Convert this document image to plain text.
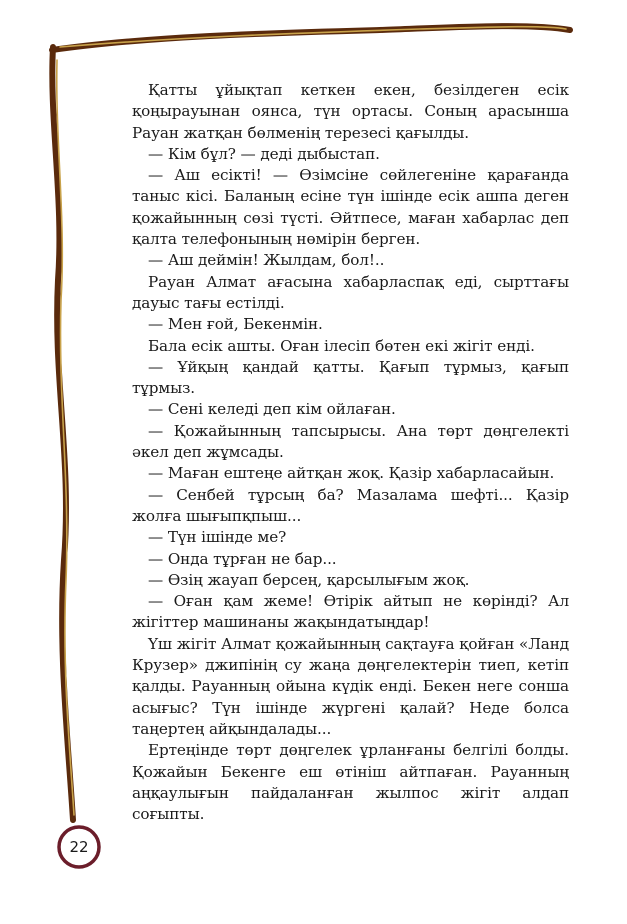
Қатты ұйықтап кеткен екен, безілдеген есік қоңырауынан оянса, түн ортасы. Соның арасынша Рауан жатқан бөлменің терезесі қағылды.

— Кім бұл? — деді дыбыстап.

— Аш есікті! — Өзімсіне сөйлегеніне қарағанда таныс кісі. Баланың есіне түн ішінде есік ашпа деген қожайынның сөзі түсті. Әйтпесе, маған хабарлас деп қалта телефонының нөмірін берген.

— Аш деймін! Жылдам, бол!..

Рауан Алмат ағасына хабарласпақ еді, сырттағы дауыс тағы естілді.

— Мен ғой, Бекенмін.

Бала есік ашты. Оған ілесіп бөтен екі жігіт енді.

— Ұйқың қандай қатты. Қағып тұрмыз, қағып тұрмыз.

— Сені келеді деп кім ойлаған.

— Қожайынның тапсырысы. Ана төрт дөңгелекті әкел деп жұмсады.

— Маған ештеңе айтқан жоқ. Қазір хабарласайын.

— Сенбей тұрсың ба? Мазалама шефті... Қазір жолға шығыпқпыш...

— Түн ішінде ме?

— Онда тұрған не бар...

— Өзің жауап берсең, қарсылығым жоқ.

— Оған қам жеме! Өтірік айтып не көрінді? Ал жігіттер машинаны жақындатыңдар!

Үш жігіт Алмат қожайынның сақтауға қойған «Ланд Крузер» джипінің су жаңа дөңгелектерін тиеп, кетіп қалды. Рауанның ойына күдік енді. Бекен неге сонша асығыс? Түн ішінде жүргені қалай? Неде болса таңертең айқындалады...

Ертеңінде төрт дөңгелек ұрланғаны белгілі болды. Қожайын Бекенге еш өтініш айтпаған. Рауанның аңқаулығын пайдаланған жылпос жігіт алдап соғыпты.

22
